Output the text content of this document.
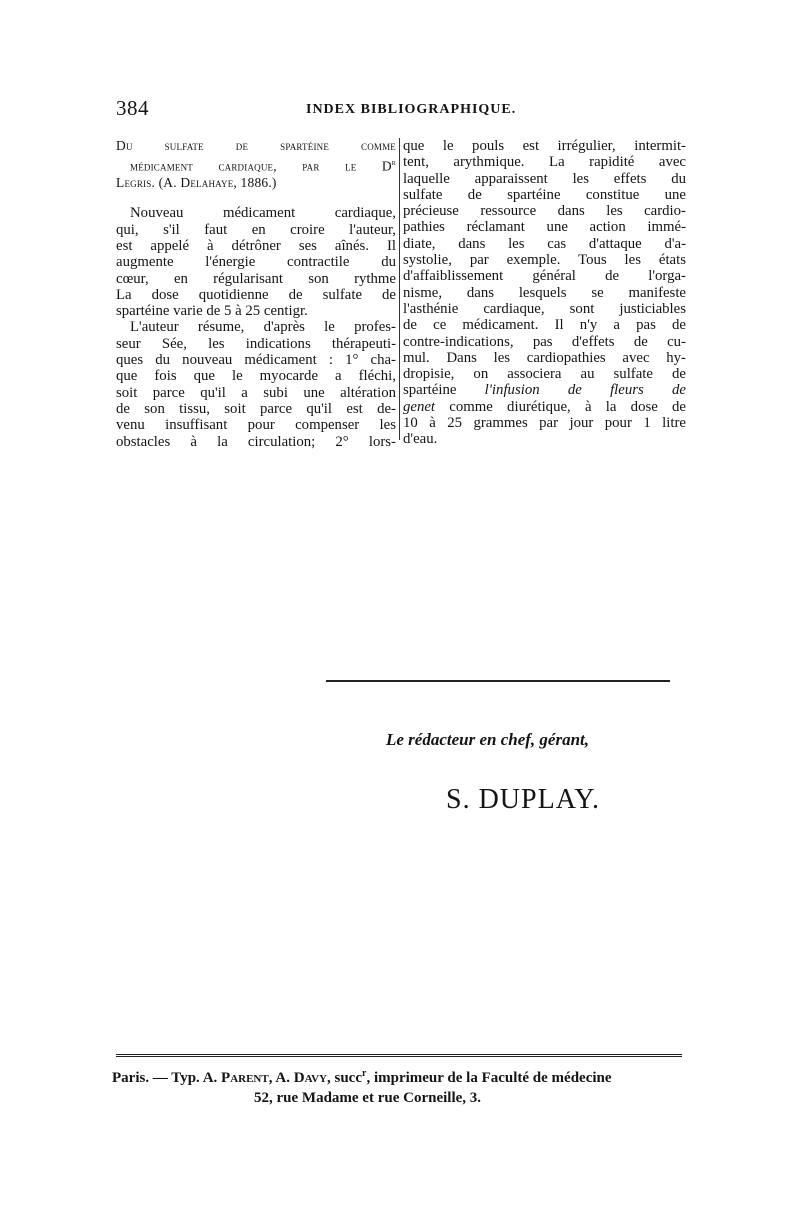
384	INDEX BIBLIOGRAPHIQUE.
Du sulfate de spartéine comme
médicament cardiaque, par le $D^r$
Legris. (A. Delahaye, 1886.)
Nouveau médicament cardiaque,
qui, s'il faut en croire l'auteur,
est appelé à détrôner ses aînés. Il
augmente l'énergie contractile du
cœur, en régularisant son rythme
La dose quotidienne de sulfate de
spartéine varie de 5 à 25 centigr.
L'auteur résume, d'après le profes-
seur Sée, les indications thérapeuti-
ques du nouveau médicament : 1° cha-
que fois que le myocarde a fléchi,
soit parce qu'il a subi une altération
de son tissu, soit parce qu'il est de-
venu insuffisant pour compenser les
obstacles à la circulation; 2° lors-
que le pouls est irrégulier, intermit-
tent, arythmique. La rapidité avec
laquelle apparaissent les effets du
sulfate de spartéine constitue une
précieuse ressource dans les cardio-
pathies réclamant une action immé-
diate, dans les cas d'attaque d'a-
systolie, par exemple. Tous les états
d'affaiblissement général de l'orga-
nisme, dans lesquels se manifeste
l'asthénie cardiaque, sont justiciables
de ce médicament. Il n'y a pas de
contre-indications, pas d'effets de cu-
mul. Dans les cardiopathies avec hy-
dropisie, on associera au sulfate de
spartéine l'infusion de fleurs de
genet comme diurétique, à la dose de
10 à 25 grammes par jour pour 1 litre
d'eau.
Le rédacteur en chef, gérant,
S. DUPLAY.
Paris. — Typ. A. Parent, A. Davy, succ$^r$, imprimeur de la Faculté de médecine
52, rue Madame et rue Corneille, 3.
